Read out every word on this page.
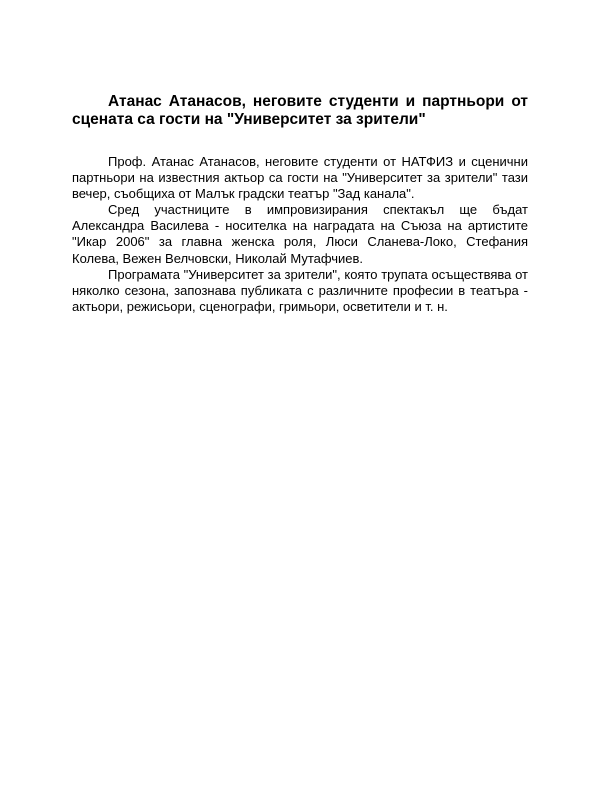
Атанас Атанасов, неговите студенти и партньори от сцената са гости на "Университет за зрители"

Проф. Атанас Атанасов, неговите студенти от НАТФИЗ и сценични партньори на известния актьор са гости на "Университет за зрители" тази вечер, съобщиха от Малък градски театър "Зад канала".

Сред участниците в импровизирания спектакъл ще бъдат Александра Василева - носителка на наградата на Съюза на артистите "Икар 2006" за главна женска роля, Люси Сланева-Локо, Стефания Колева, Вежен Велчовски, Николай Мутафчиев.

Програмата "Университет за зрители", която трупата осъществява от няколко сезона, запознава публиката с различните професии в театъра - актьори, режисьори, сценографи, гримьори, осветители и т. н.
